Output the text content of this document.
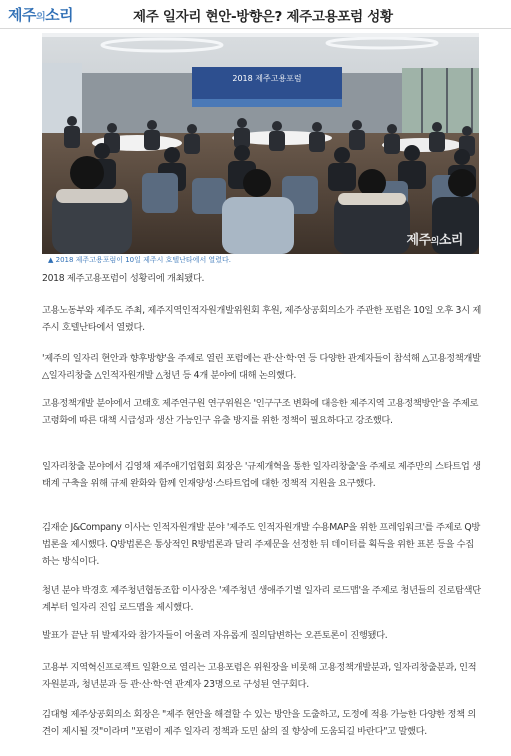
제주의소리	제주 일자리 현안-방향은? 제주고용포럼 성황
2018 제주고용포럼
제주의소리
▲ 2018 제주고용포럼이 10일 제주시 호텔난타에서 열렸다.
2018 제주고용포럼이 성황리에 개최됐다.
고용노동부와 제주도 주최, 제주지역인적자원개발위원회 후원, 제주상공회의소가 주관한 포럼은 10일 오후 3시 제주시 호텔난타에서 열렸다.
'제주의 일자리 현안과 향후방향'을 주제로 열린 포럼에는 관·산·학·연 등 다양한 관계자들이 참석해 △고용정책개발 △일자리창출 △인적자원개발 △청년 등 4개 분야에 대해 논의했다.
고용정책개발 분야에서 고태호 제주연구원 연구위원은 '인구구조 변화에 대응한 제주지역 고용정책방안'을 주제로 고령화에 따른 대책 시급성과 생산 가능인구 유출 방지를 위한 정책이 필요하다고 강조했다.
일자리창출 분야에서 김영채 제주애기업협회 회장은 '규제개혁을 통한 일자리창출'을 주제로 제주만의 스타트업 생태계 구축을 위해 규제 완화와 함께 인재양성·스타트업에 대한 정책적 지원을 요구했다.
김재순 J&Company 이사는 인적자원개발 분야 '제주도 인적자원개발 수용MAP을 위한 프레임워크'를 주제로 Q방법론을 제시했다. Q방법론은 통상적인 R방법론과 달리 주제문을 선정한 뒤 데이터를 획득을 위한 표본 등을 수집하는 방식이다.
청년 분야 박경호 제주청년협동조합 이사장은 '제주청년 생애주기별 일자리 로드맵'을 주제로 청년들의 진로탐색단계부터 일자리 진입 로드맵을 제시했다.
발표가 끝난 뒤 발제자와 참가자들이 어울려 자유롭게 질의답변하는 오픈토론이 진행됐다.
고용부 지역혁신프로젝트 일환으로 열리는 고용포럼은 위원장을 비롯해 고용정책개발분과, 일자리창출분과, 인적자원분과, 청년분과 등 관·산·학·연 관계자 23명으로 구성된 연구회다.
김대형 제주상공회의소 회장은 "제주 현안을 해결할 수 있는 방안을 도출하고, 도정에 적용 가능한 다양한 정책 의견이 제시될 것"이라며 "포럼이 제주 일자리 정책과 도민 삶의 질 향상에 도움되길 바란다"고 말했다.
